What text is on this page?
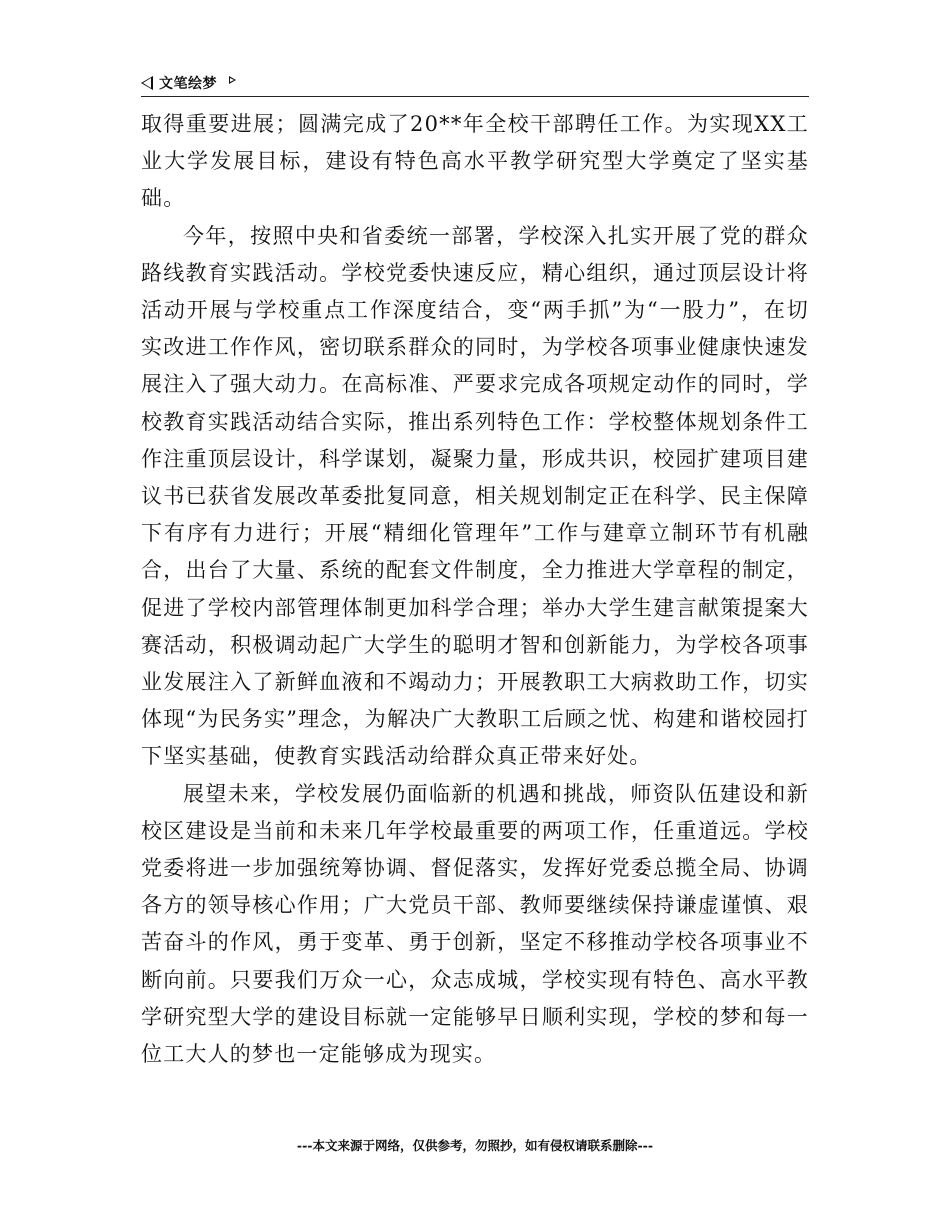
文笔绘梦

取得重要进展；圆满完成了20**年全校干部聘任工作。为实现XX工业大学发展目标，建设有特色高水平教学研究型大学奠定了坚实基础。

今年，按照中央和省委统一部署，学校深入扎实开展了党的群众路线教育实践活动。学校党委快速反应，精心组织，通过顶层设计将活动开展与学校重点工作深度结合，变“两手抓”为“一股力”，在切实改进工作作风，密切联系群众的同时，为学校各项事业健康快速发展注入了强大动力。在高标准、严要求完成各项规定动作的同时，学校教育实践活动结合实际，推出系列特色工作：学校整体规划条件工作注重顶层设计，科学谋划，凝聚力量，形成共识，校园扩建项目建议书已获省发展改革委批复同意，相关规划制定正在科学、民主保障下有序有力进行；开展“精细化管理年”工作与建章立制环节有机融合，出台了大量、系统的配套文件制度，全力推进大学章程的制定，促进了学校内部管理体制更加科学合理；举办大学生建言献策提案大赛活动，积极调动起广大学生的聪明才智和创新能力，为学校各项事业发展注入了新鲜血液和不竭动力；开展教职工大病救助工作，切实体现“为民务实”理念，为解决广大教职工后顾之忧、构建和谐校园打下坚实基础，使教育实践活动给群众真正带来好处。

展望未来，学校发展仍面临新的机遇和挑战，师资队伍建设和新校区建设是当前和未来几年学校最重要的两项工作，任重道远。学校党委将进一步加强统筹协调、督促落实，发挥好党委总揽全局、协调各方的领导核心作用；广大党员干部、教师要继续保持谦虚谨慎、艰苦奋斗的作风，勇于变革、勇于创新，坚定不移推动学校各项事业不断向前。只要我们万众一心，众志成城，学校实现有特色、高水平教学研究型大学的建设目标就一定能够早日顺利实现，学校的梦和每一位工大人的梦也一定能够成为现实。

---本文来源于网络，仅供参考，勿照抄，如有侵权请联系删除---
